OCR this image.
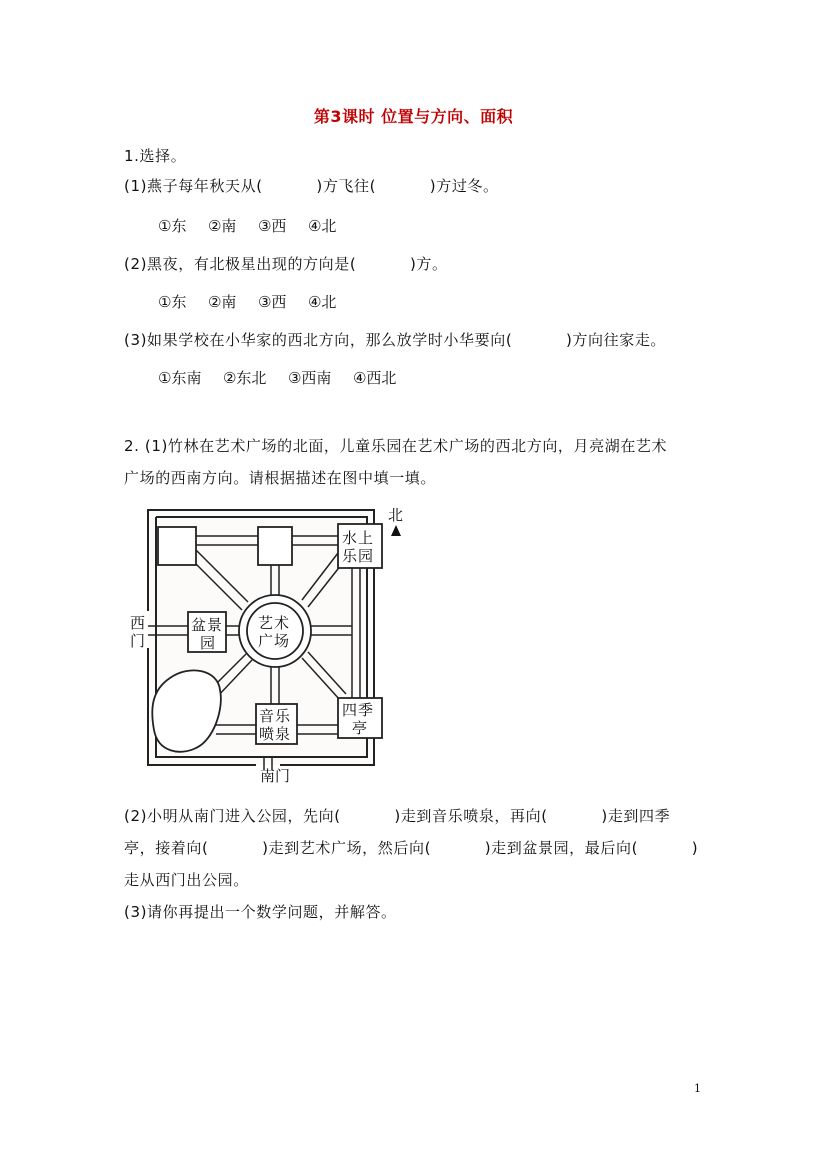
第3课时 位置与方向、面积
1.选择。
(1)燕子每年秋天从(          )方飞往(          )方过冬。
①东  ②南  ③西  ④北
(2)黑夜，有北极星出现的方向是(          )方。
①东  ②南  ③西  ④北
(3)如果学校在小华家的西北方向，那么放学时小华要向(          )方向往家走。
①东南  ②东北  ③西南  ④西北
2. (1)竹林在艺术广场的北面，儿童乐园在艺术广场的西北方向，月亮湖在艺术
广场的西南方向。请根据描述在图中填一填。
水上
乐园
盆景
园
艺术
广场
音乐
喷泉
四季
亭
西
门
南门
北
(2)小明从南门进入公园，先向(          )走到音乐喷泉，再向(          )走到四季
亭，接着向(          )走到艺术广场，然后向(          )走到盆景园，最后向(          )
走从西门出公园。
(3)请你再提出一个数学问题，并解答。
1
